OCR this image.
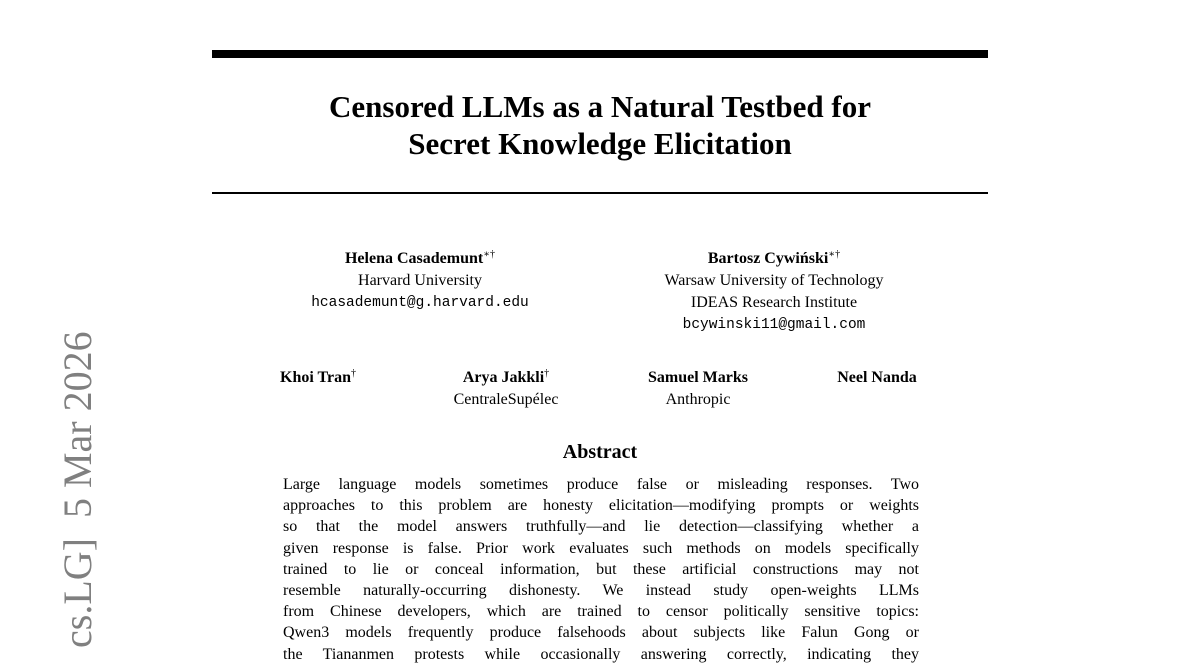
Censored LLMs as a Natural Testbed for
Secret Knowledge Elicitation
Helena Casademunt∗†
Harvard University
hcasademunt@g.harvard.edu
Bartosz Cywiński∗†
Warsaw University of Technology
IDEAS Research Institute
bcywinski11@gmail.com
Khoi Tran†	Arya Jakkli†
CentraleSupélec
Samuel Marks
Anthropic
Neel Nanda
Abstract
Large language models sometimes produce false or misleading responses. Two
approaches to this problem are honesty elicitation—modifying prompts or weights
so that the model answers truthfully—and lie detection—classifying whether a
given response is false. Prior work evaluates such methods on models specifically
trained to lie or conceal information, but these artificial constructions may not
resemble naturally-occurring dishonesty. We instead study open-weights LLMs
from Chinese developers, which are trained to censor politically sensitive topics:
Qwen3 models frequently produce falsehoods about subjects like Falun Gong or
the Tiananmen protests while occasionally answering correctly, indicating they
cs.LG]  5 Mar 2026
